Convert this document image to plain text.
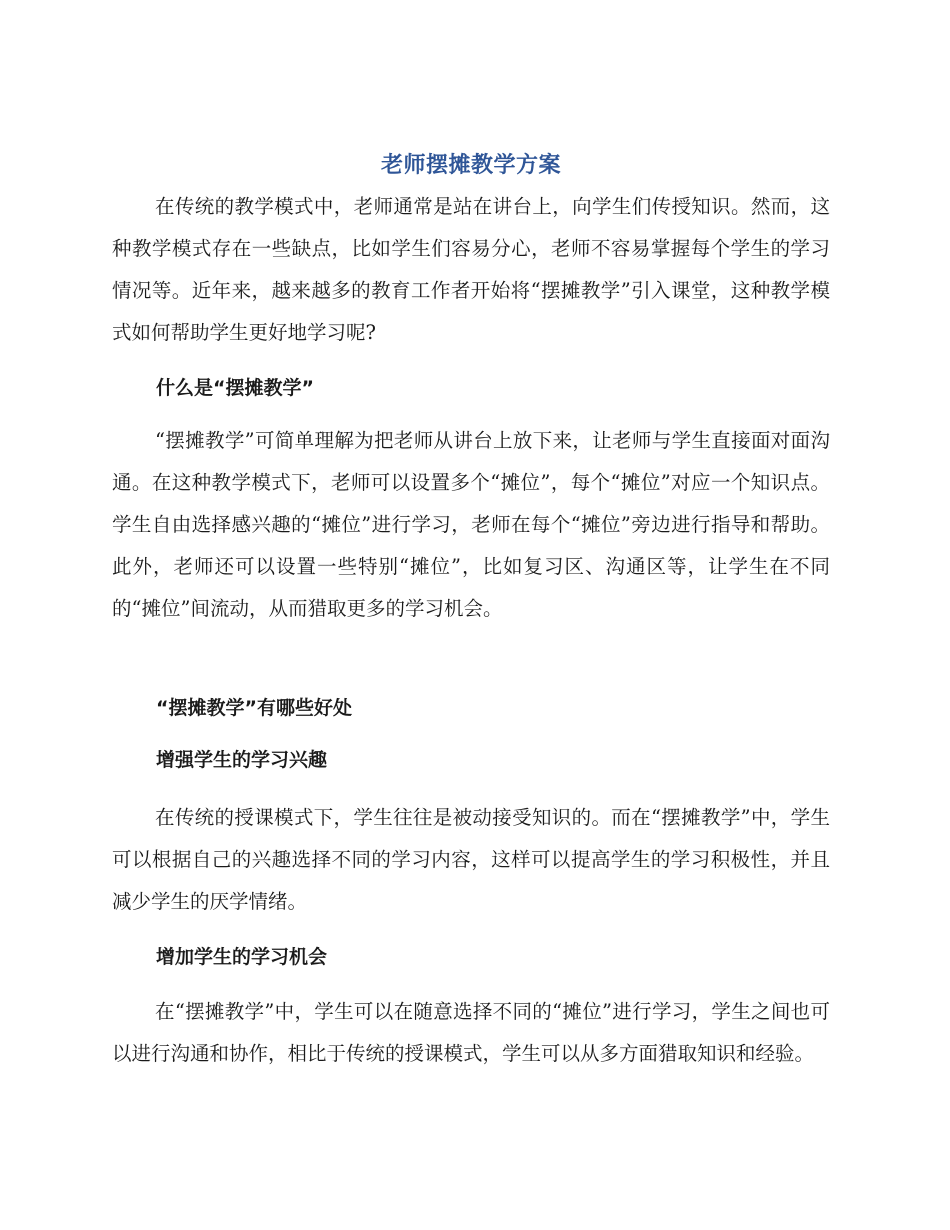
老师摆摊教学方案

在传统的教学模式中，老师通常是站在讲台上，向学生们传授知识。然而，这种教学模式存在一些缺点，比如学生们容易分心，老师不容易掌握每个学生的学习情况等。近年来，越来越多的教育工作者开始将“摆摊教学”引入课堂，这种教学模式如何帮助学生更好地学习呢?

什么是“摆摊教学”

“摆摊教学”可简单理解为把老师从讲台上放下来，让老师与学生直接面对面沟通。在这种教学模式下，老师可以设置多个“摊位”，每个“摊位”对应一个知识点。学生自由选择感兴趣的“摊位”进行学习，老师在每个“摊位”旁边进行指导和帮助。此外，老师还可以设置一些特别“摊位”，比如复习区、沟通区等，让学生在不同的“摊位”间流动，从而猎取更多的学习机会。

“摆摊教学”有哪些好处
增强学生的学习兴趣

在传统的授课模式下，学生往往是被动接受知识的。而在“摆摊教学”中，学生可以根据自己的兴趣选择不同的学习内容，这样可以提高学生的学习积极性，并且减少学生的厌学情绪。

增加学生的学习机会

在“摆摊教学”中，学生可以在随意选择不同的“摊位”进行学习，学生之间也可以进行沟通和协作，相比于传统的授课模式，学生可以从多方面猎取知识和经验。
